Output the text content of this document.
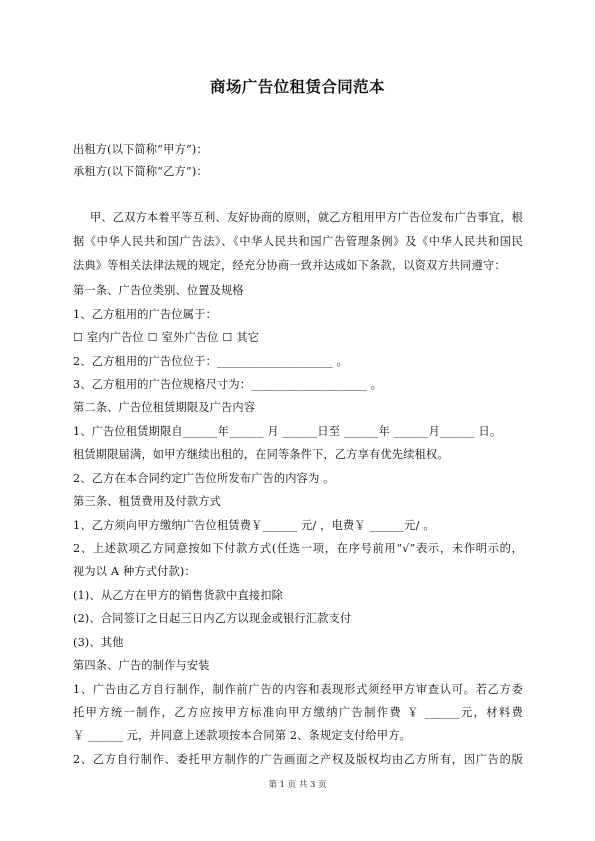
商场广告位租赁合同范本
出租方(以下简称“甲方”)：
承租方(以下简称“乙方”)：
甲、乙双方本着平等互利、友好协商的原则，就乙方租用甲方广告位发布广告事宜，根
据《中华人民共和国广告法》、《中华人民共和国广告管理条例》及《中华人民共和国民
法典》等相关法律法规的规定，经充分协商一致并达成如下条款，以资双方共同遵守：
第一条、广告位类别、位置及规格
1、乙方租用的广告位属于：
☐ 室内广告位 ☐ 室外广告位 ☐ 其它
2、乙方租用的广告位位于：____________________ 。
3、乙方租用的广告位规格尺寸为：____________________ 。
第二条、广告位租赁期限及广告内容
1、广告位租赁期限自______年______ 月 ______日至 ______年 ______月______ 日。
租赁期限届满，如甲方继续出租的，在同等条件下，乙方享有优先续租权。
2、乙方在本合同约定广告位所发布广告的内容为 。
第三条、租赁费用及付款方式
1、乙方须向甲方缴纳广告位租赁费￥______ 元/ ，电费￥ ______元/ 。
2、上述款项乙方同意按如下付款方式(任选一项，在序号前用“√”表示，未作明示的，
视为以 A 种方式付款)：
(1)、从乙方在甲方的销售货款中直接扣除
(2)、合同签订之日起三日内乙方以现金或银行汇款支付
(3)、其他
第四条、广告的制作与安装
1、广告由乙方自行制作，制作前广告的内容和表现形式须经甲方审查认可。若乙方委
托甲方统一制作，乙方应按甲方标准向甲方缴纳广告制作费 ￥ ______元，材料费
￥ ______ 元，并同意上述款项按本合同第 2、条规定支付给甲方。
2、乙方自行制作、委托甲方制作的广告画面之产权及版权均由乙方所有，因广告的版
第 1 页 共 3 页
